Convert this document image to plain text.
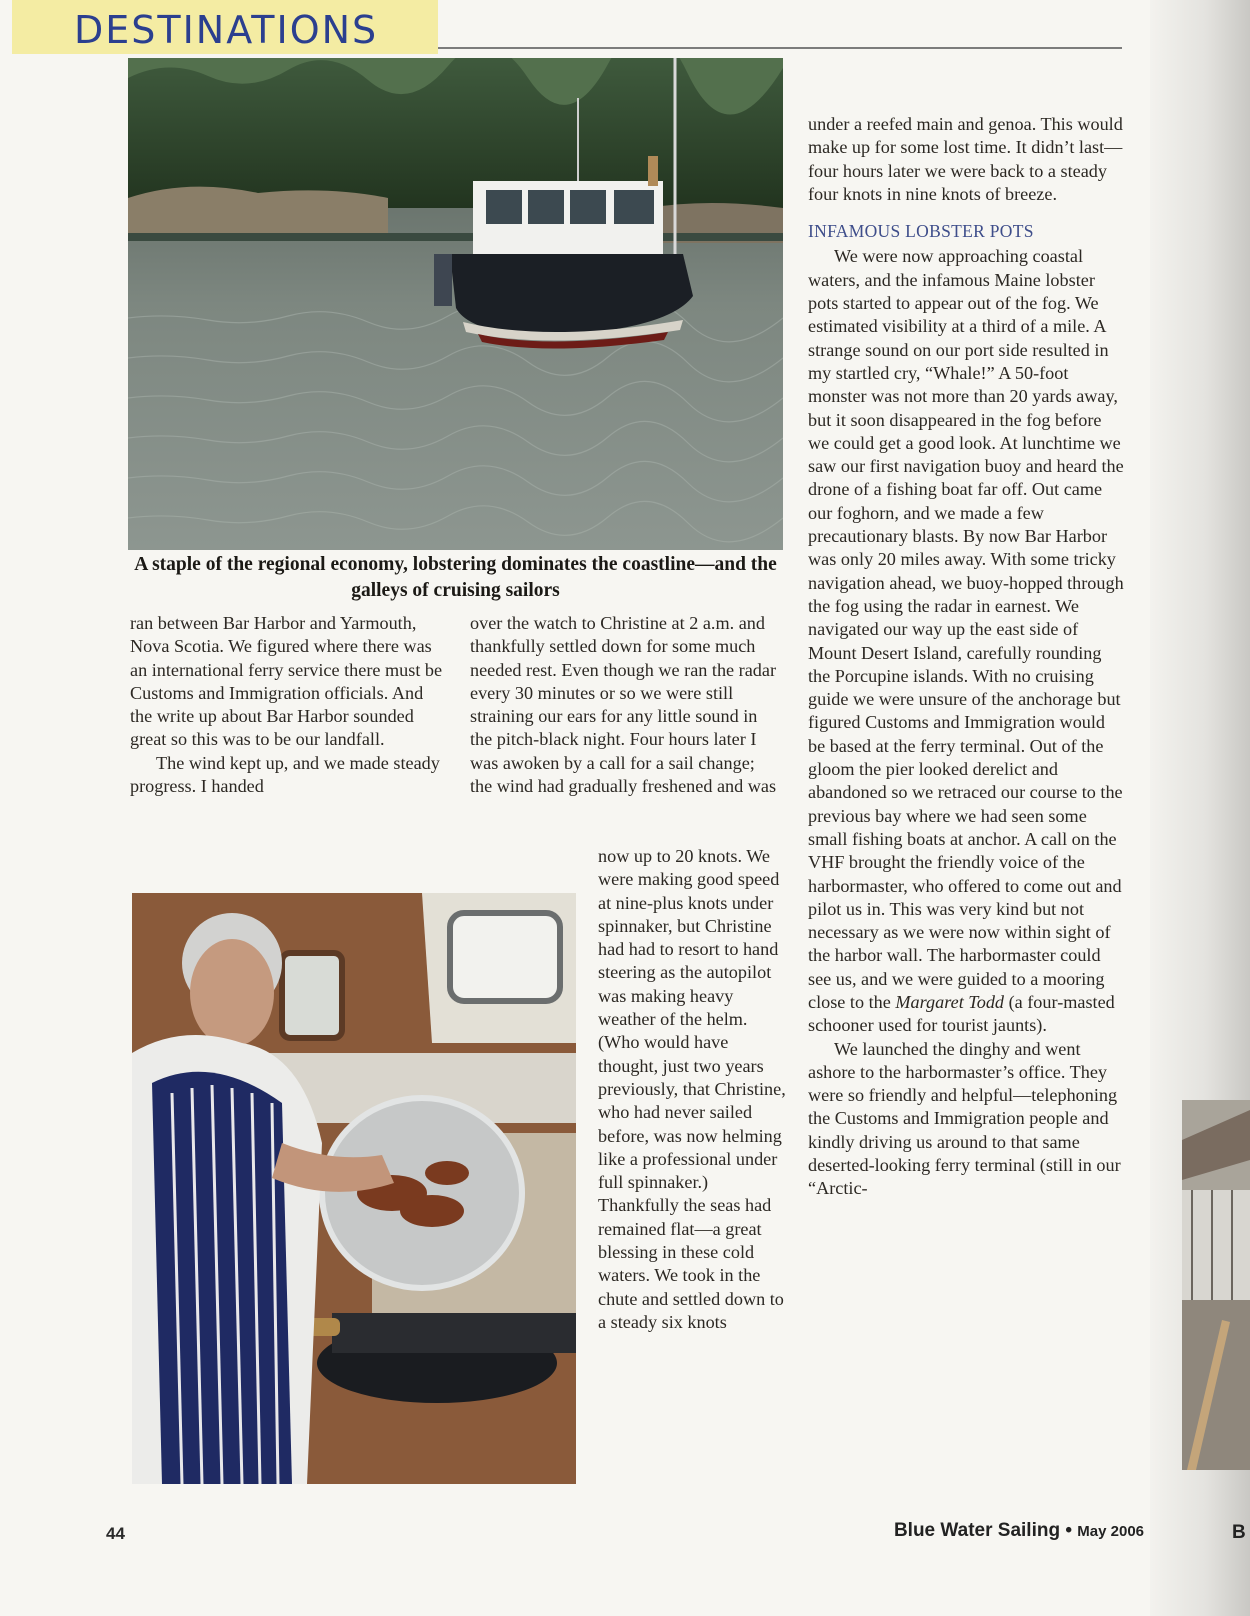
DESTINATIONS
A staple of the regional economy, lobstering dominates the coastline—and the galleys of cruising sailors

ran between Bar Harbor and Yarmouth, Nova Scotia. We figured where there was an international ferry service there must be Customs and Immigration officials. And the write up about Bar Harbor sounded great so this was to be our landfall.

The wind kept up, and we made steady progress. I handed

over the watch to Christine at 2 a.m. and thankfully settled down for some much needed rest. Even though we ran the radar every 30 minutes or so we were still straining our ears for any little sound in the pitch-black night. Four hours later I was awoken by a call for a sail change; the wind had gradually freshened and was

now up to 20 knots. We were making good speed at nine-plus knots under spinnaker, but Christine had had to resort to hand steering as the autopilot was making heavy weather of the helm. (Who would have thought, just two years previously, that Christine, who had never sailed before, was now helming like a professional under full spinnaker.) Thankfully the seas had remained flat—a great blessing in these cold waters. We took in the chute and settled down to a steady six knots

under a reefed main and genoa. This would make up for some lost time. It didn’t last—four hours later we were back to a steady four knots in nine knots of breeze.

INFAMOUS LOBSTER POTS

We were now approaching coastal waters, and the infamous Maine lobster pots started to appear out of the fog. We estimated visibility at a third of a mile. A strange sound on our port side resulted in my startled cry, “Whale!” A 50-foot monster was not more than 20 yards away, but it soon disappeared in the fog before we could get a good look. At lunchtime we saw our first navigation buoy and heard the drone of a fishing boat far off. Out came our foghorn, and we made a few precautionary blasts. By now Bar Harbor was only 20 miles away. With some tricky navigation ahead, we buoy-hopped through the fog using the radar in earnest. We navigated our way up the east side of Mount Desert Island, carefully rounding the Porcupine islands. With no cruising guide we were unsure of the anchorage but figured Customs and Immigration would be based at the ferry terminal. Out of the gloom the pier looked derelict and abandoned so we retraced our course to the previous bay where we had seen some small fishing boats at anchor. A call on the VHF brought the friendly voice of the harbormaster, who offered to come out and pilot us in. This was very kind but not necessary as we were now within sight of the harbor wall. The harbormaster could see us, and we were guided to a mooring close to the Margaret Todd (a four-masted schooner used for tourist jaunts).

We launched the dinghy and went ashore to the harbormaster’s office. They were so friendly and helpful—telephoning the Customs and Immigration people and kindly driving us around to that same deserted-looking ferry terminal (still in our “Arctic-

44	Blue Water Sailing • May 2006	B
